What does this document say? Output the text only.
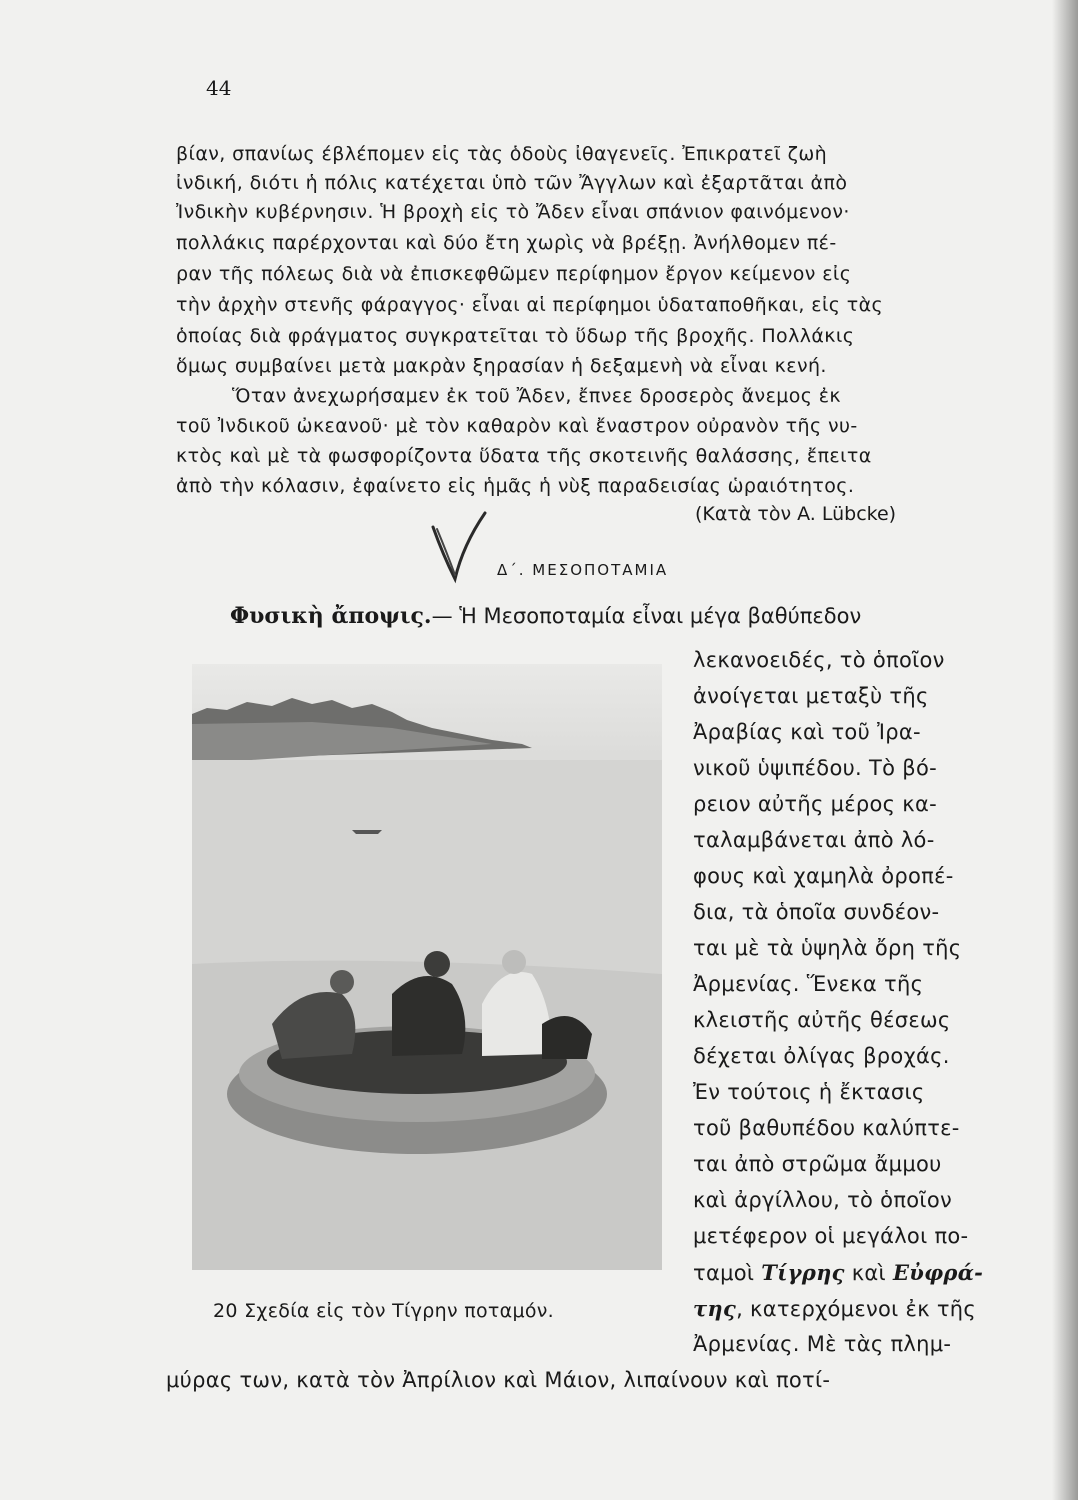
44
βίαν, σπανίως έβλέπομεν εἰς τὰς ὁδοὺς ἰθαγενεῖς. Ἐπικρατεῖ ζωὴ
ἰνδική, διότι ἡ πόλις κατέχεται ὑπὸ τῶν Ἄγγλων καὶ ἐξαρτᾶται ἀπὸ
Ἰνδικὴν κυβέρνησιν. Ἡ βροχὴ εἰς τὸ Ἄδεν εἶναι σπάνιον φαινόμενον·
πολλάκις παρέρχονται καὶ δύο ἔτη χωρὶς νὰ βρέξῃ. Ἀνήλθομεν πέ-
ραν τῆς πόλεως διὰ νὰ ἐπισκεφθῶμεν περίφημον ἔργον κείμενον εἰς
τὴν ἀρχὴν στενῆς φάραγγος· εἶναι αἱ περίφημοι ὑδαταποθῆκαι, εἰς τὰς
ὁποίας διὰ φράγματος συγκρατεῖται τὸ ὕδωρ τῆς βροχῆς. Πολλάκις
ὅμως συμβαίνει μετὰ μακρὰν ξηρασίαν ἡ δεξαμενὴ νὰ εἶναι κενή.
Ὅταν ἀνεχωρήσαμεν ἐκ τοῦ Ἄδεν, ἔπνεε δροσερὸς ἄνεμος ἐκ
τοῦ Ἰνδικοῦ ὠκεανοῦ· μὲ τὸν καθαρὸν καὶ ἔναστρον οὐρανὸν τῆς νυ-
κτὸς καὶ μὲ τὰ φωσφορίζοντα ὕδατα τῆς σκοτεινῆς θαλάσσης, ἔπειτα
ἀπὸ τὴν κόλασιν, ἐφαίνετο εἰς ἡμᾶς ἡ νὺξ παραδεισίας ὡραιότητος.
(Κατὰ τὸν A. Lübcke)
Δ΄. ΜΕΣΟΠΟΤΑΜΙΑ
Φυσικὴ ἄποψις.— Ἡ Μεσοποταμία εἶναι μέγα βαθύπεδον
20 Σχεδία εἰς τὸν Τίγρην ποταμόν.
λεκανοειδές, τὸ ὁποῖον
ἀνοίγεται μεταξὺ τῆς
Ἀραβίας καὶ τοῦ Ἰρα-
νικοῦ ὑψιπέδου. Τὸ βό-
ρειον αὐτῆς μέρος κα-
ταλαμβάνεται ἀπὸ λό-
φους καὶ χαμηλὰ ὀροπέ-
δια, τὰ ὁποῖα συνδέον-
ται μὲ τὰ ὑψηλὰ ὄρη τῆς
Ἀρμενίας. Ἕνεκα τῆς
κλειστῆς αὐτῆς θέσεως
δέχεται ὀλίγας βροχάς.
Ἐν τούτοις ἡ ἔκτασις
τοῦ βαθυπέδου καλύπτε-
ται ἀπὸ στρῶμα ἄμμου
καὶ ἀργίλλου, τὸ ὁποῖον
μετέφερον οἱ μεγάλοι πο-
ταμοὶ Τίγρης καὶ Εὐφρά-
της, κατερχόμενοι ἐκ τῆς
Ἀρμενίας. Μὲ τὰς πλημ-
μύρας των, κατὰ τὸν Ἀπρίλιον καὶ Μάιον, λιπαίνουν καὶ ποτί-
